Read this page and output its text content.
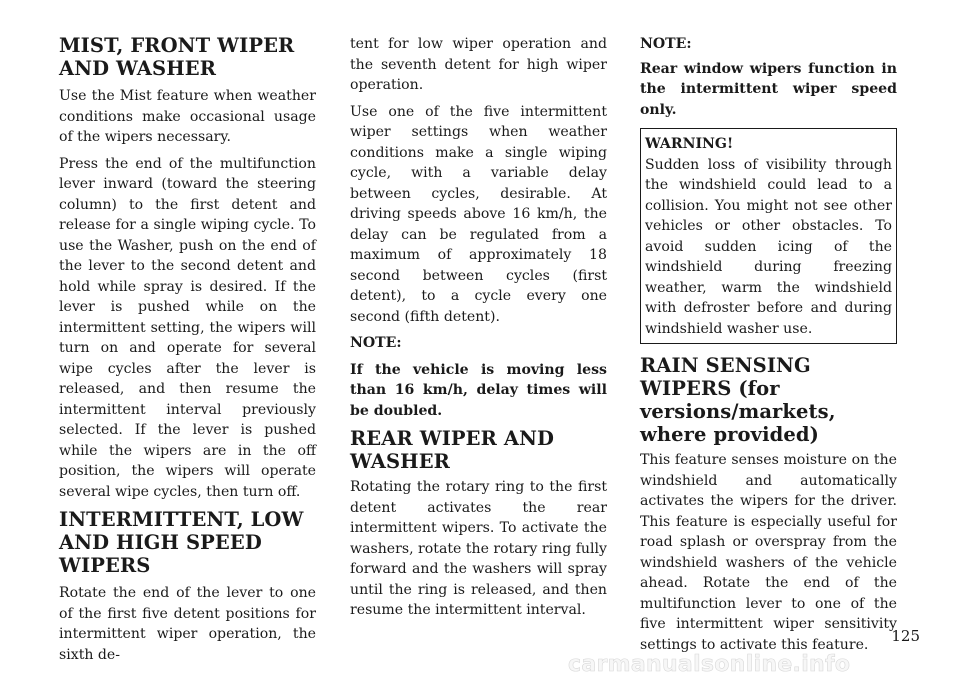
MIST, FRONT WIPER AND WASHER

Use the Mist feature when weather conditions make occasional usage of the wipers necessary.

Press the end of the multifunction lever inward (toward the steering column) to the first detent and release for a single wiping cycle. To use the Washer, push on the end of the lever to the second detent and hold while spray is desired. If the lever is pushed while on the intermittent setting, the wipers will turn on and operate for several wipe cycles after the lever is released, and then resume the intermittent interval previously selected. If the lever is pushed while the wipers are in the off position, the wipers will operate several wipe cycles, then turn off.

INTERMITTENT, LOW AND HIGH SPEED WIPERS

Rotate the end of the lever to one of the first five detent positions for intermittent wiper operation, the sixth de-

tent for low wiper operation and the seventh detent for high wiper operation.

Use one of the five intermittent wiper settings when weather conditions make a single wiping cycle, with a variable delay between cycles, desirable. At driving speeds above 16 km/h, the delay can be regulated from a maximum of approximately 18 second between cycles (first detent), to a cycle every one second (fifth detent).

NOTE:

If the vehicle is moving less than 16 km/h, delay times will be doubled.

REAR WIPER AND WASHER

Rotating the rotary ring to the first detent activates the rear intermittent wipers. To activate the washers, rotate the rotary ring fully forward and the washers will spray until the ring is released, and then resume the intermittent interval.

NOTE:

Rear window wipers function in the intermittent wiper speed only.

WARNING!
Sudden loss of visibility through the windshield could lead to a collision. You might not see other vehicles or other obstacles. To avoid sudden icing of the windshield during freezing weather, warm the windshield with defroster before and during windshield washer use.
RAIN SENSING WIPERS (for versions/markets, where provided)

This feature senses moisture on the windshield and automatically activates the wipers for the driver. This feature is especially useful for road splash or overspray from the windshield washers of the vehicle ahead. Rotate the end of the multifunction lever to one of the five intermittent wiper sensitivity settings to activate this feature.	125
carmanualsonline.info
